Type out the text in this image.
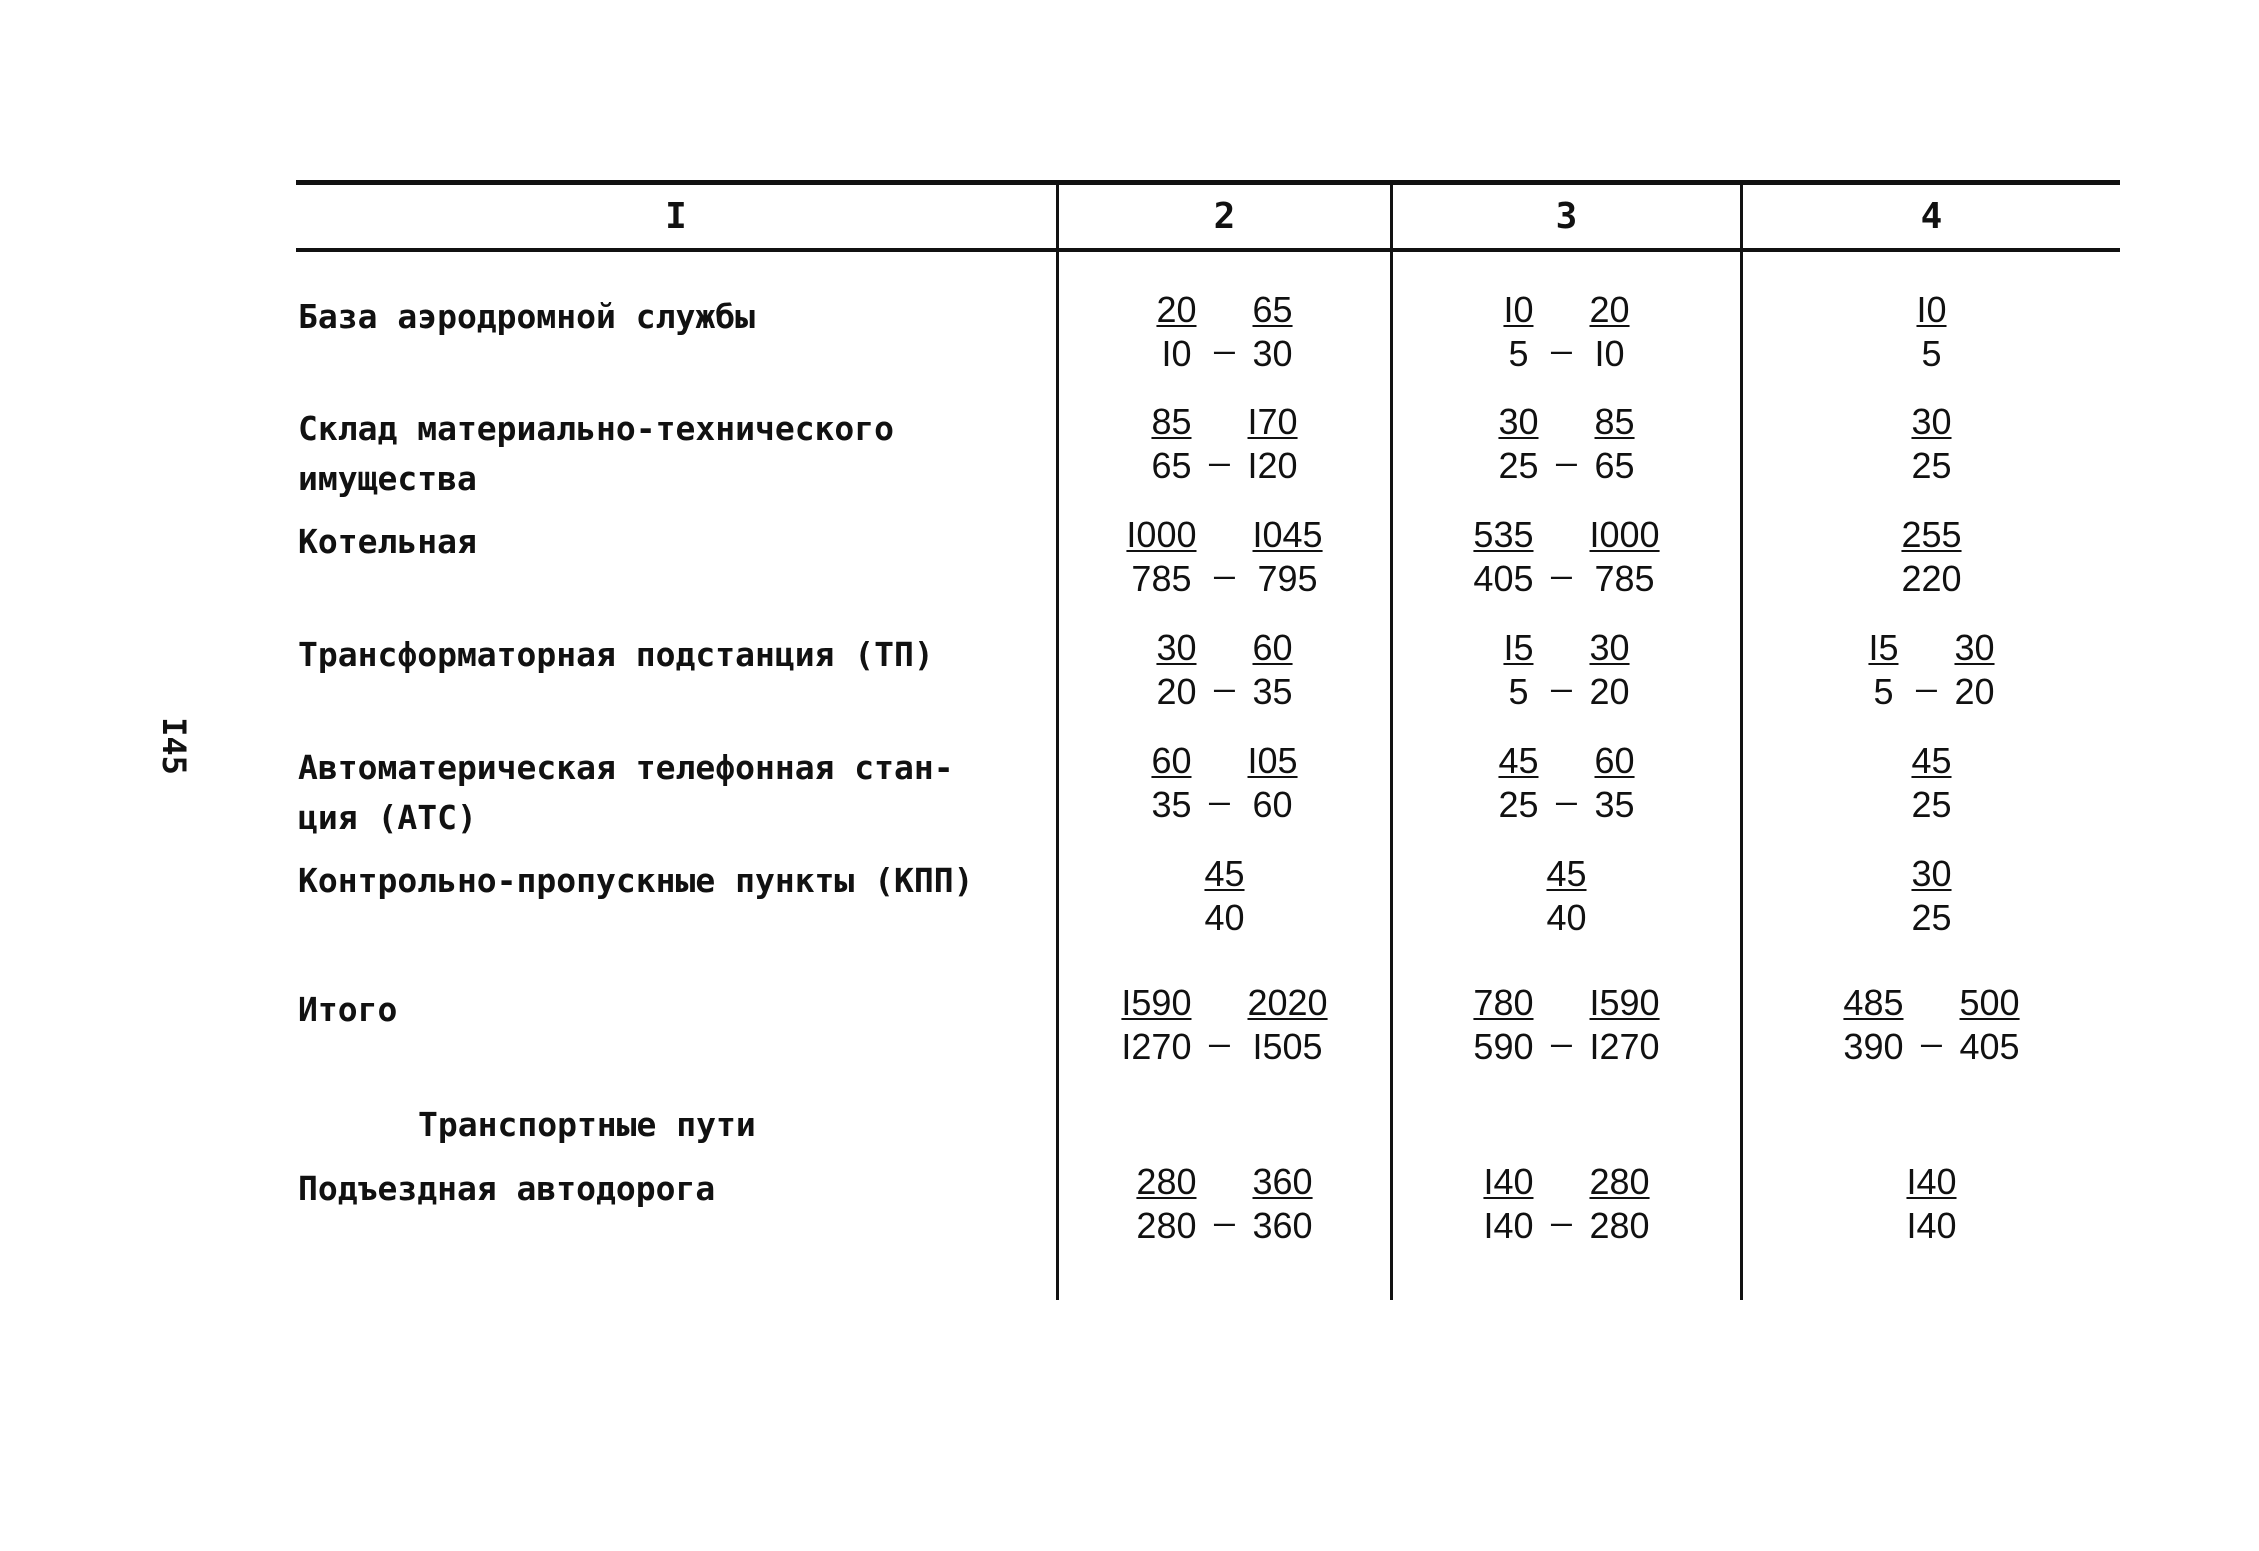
I45
I	2	3	4
База аэродромной службы	$\frac{20}{I0}$ _ $\frac{65}{30}$	$\frac{I0}{5}$ _ $\frac{20}{I0}$	$\frac{I0}{5}$
Склад материально-технического
имущества	$\frac{85}{65}$ _ $\frac{I70}{I20}$	$\frac{30}{25}$ _ $\frac{85}{65}$	$\frac{30}{25}$
Котельная	$\frac{I000}{785}$ _ $\frac{I045}{795}$	$\frac{535}{405}$ _ $\frac{I000}{785}$	$\frac{255}{220}$
Трансформаторная подстанция (ТП)	$\frac{30}{20}$ _ $\frac{60}{35}$	$\frac{I5}{5}$ _ $\frac{30}{20}$	$\frac{I5}{5}$ _ $\frac{30}{20}$
Автоматерическая телефонная стан-
ция (АТС)	$\frac{60}{35}$ _ $\frac{I05}{60}$	$\frac{45}{25}$ _ $\frac{60}{35}$	$\frac{45}{25}$
Контрольно-пропускные пункты (КПП)	$\frac{45}{40}$	$\frac{45}{40}$	$\frac{30}{25}$
Итого	$\frac{I590}{I270}$ _ $\frac{2020}{I505}$	$\frac{780}{590}$ _ $\frac{I590}{I270}$	$\frac{485}{390}$ _ $\frac{500}{405}$
Транспортные пути
Подъездная автодорога	$\frac{280}{280}$ _ $\frac{360}{360}$	$\frac{I40}{I40}$ _ $\frac{280}{280}$	$\frac{I40}{I40}$
